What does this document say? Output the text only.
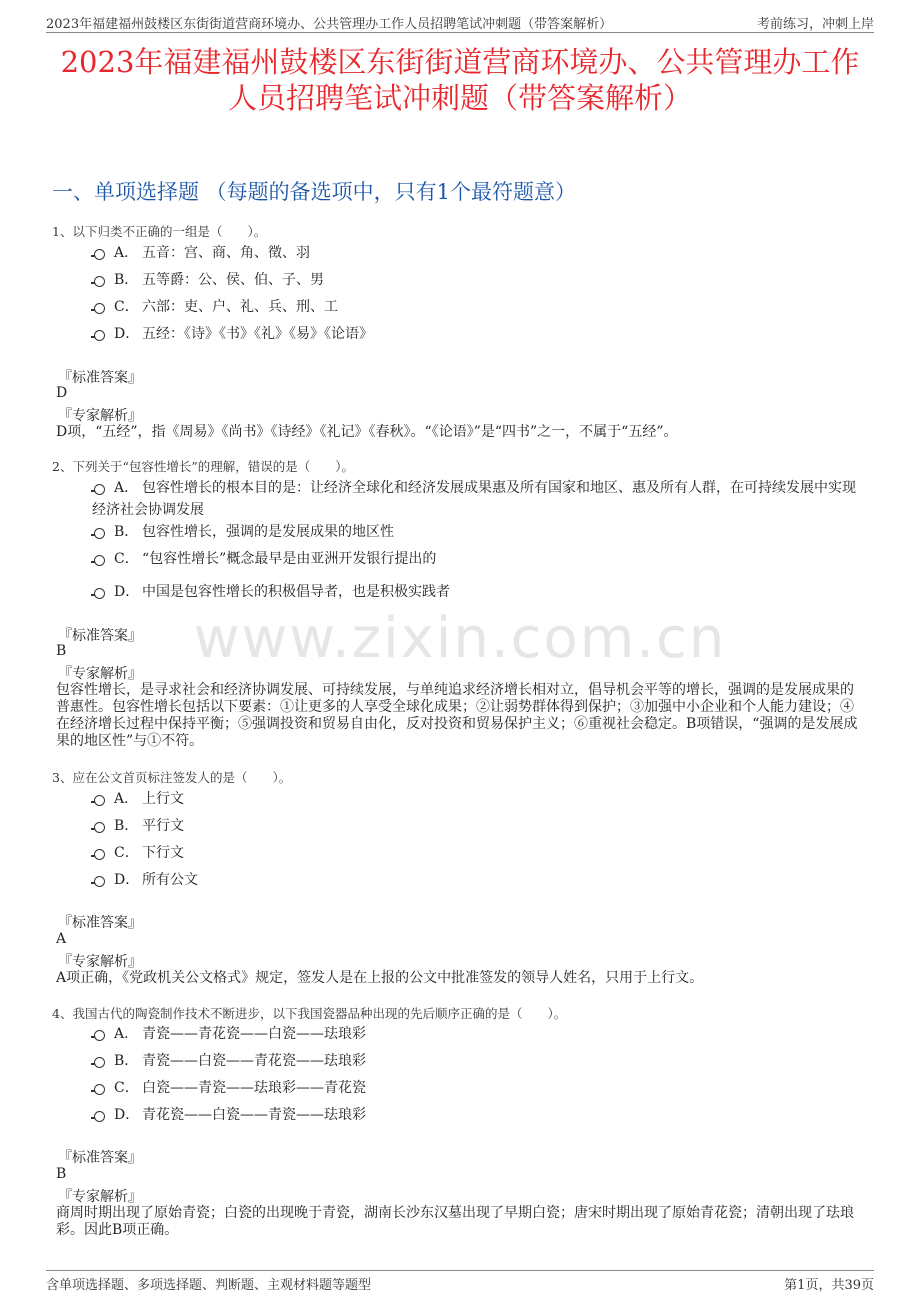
2023年福建福州鼓楼区东街街道营商环境办、公共管理办工作人员招聘笔试冲刺题（带答案解析）	考前练习，冲刺上岸
2023年福建福州鼓楼区东街街道营商环境办、公共管理办工作
人员招聘笔试冲刺题（带答案解析）
一、单项选择题 （每题的备选项中，只有1个最符题意）
www.zixin.com.cn
1、以下归类不正确的一组是（　　）。
A． 五音：宫、商、角、徵、羽
B． 五等爵：公、侯、伯、子、男
C． 六部：吏、户、礼、兵、刑、工
D． 五经：《诗》《书》《礼》《易》《论语》
『标准答案』
D
『专家解析』
D项，“五经”，指《周易》《尚书》《诗经》《礼记》《春秋》。“《论语》”是“四书”之一，不属于“五经”。
2、下列关于“包容性增长”的理解，错误的是（　　）。
A． 包容性增长的根本目的是：让经济全球化和经济发展成果惠及所有国家和地区、惠及所有人群，在可持续发展中实现经济社会协调发展
B． 包容性增长，强调的是发展成果的地区性
C． “包容性增长”概念最早是由亚洲开发银行提出的
D． 中国是包容性增长的积极倡导者，也是积极实践者
『标准答案』
B
『专家解析』
包容性增长，是寻求社会和经济协调发展、可持续发展，与单纯追求经济增长相对立，倡导机会平等的增长，强调的是发展成果的普惠性。包容性增长包括以下要素：①让更多的人享受全球化成果；②让弱势群体得到保护；③加强中小企业和个人能力建设；④在经济增长过程中保持平衡；⑤强调投资和贸易自由化，反对投资和贸易保护主义；⑥重视社会稳定。B项错误，“强调的是发展成果的地区性”与①不符。
3、应在公文首页标注签发人的是（　　）。
A． 上行文
B． 平行文
C． 下行文
D． 所有公文
『标准答案』
A
『专家解析』
A项正确，《党政机关公文格式》规定，签发人是在上报的公文中批准签发的领导人姓名，只用于上行文。
4、我国古代的陶瓷制作技术不断进步，以下我国瓷器品种出现的先后顺序正确的是（　　）。
A． 青瓷——青花瓷——白瓷——珐琅彩
B． 青瓷——白瓷——青花瓷——珐琅彩
C． 白瓷——青瓷——珐琅彩——青花瓷
D． 青花瓷——白瓷——青瓷——珐琅彩
『标准答案』
B
『专家解析』
商周时期出现了原始青瓷；白瓷的出现晚于青瓷，湖南长沙东汉墓出现了早期白瓷；唐宋时期出现了原始青花瓷；清朝出现了珐琅彩。因此B项正确。
含单项选择题、多项选择题、判断题、主观材料题等题型	第1页，共39页
